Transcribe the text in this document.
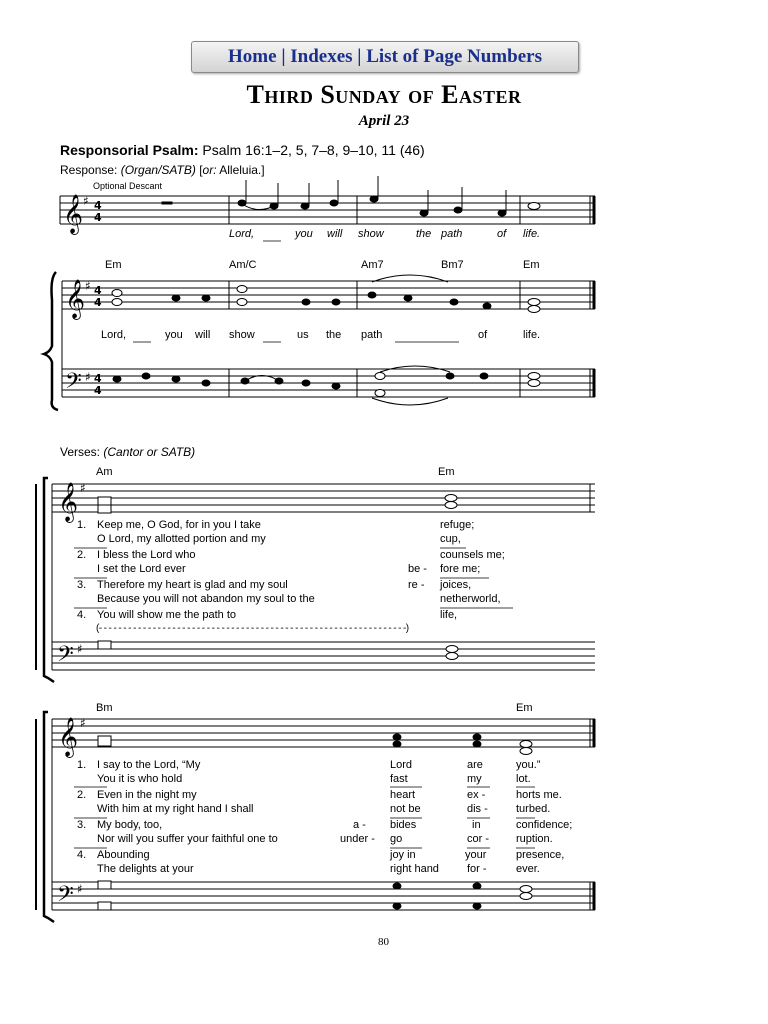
Home | Indexes | List of Page Numbers
Third Sunday of Easter
April 23
Responsorial Psalm: Psalm 16:1–2, 5, 7–8, 9–10, 11 (46)
Response: (Organ/SATB) [or: Alleluia.]
𝄞 ♯ 4
4
𝄞 ♯ 4
4
𝄢 ♯ 4
4
𝄞 ♯
𝄢 ♯
𝄞 ♯
𝄢 ♯
Optional Descant
Lord,	you will show	the path	of life.
Em	Am/C	Am7	Bm7	Em
Lord,	you will show	us the path	of	life.
Verses: (Cantor or SATB)
Am	Em
1. Keep me, O God, for in you I take	refuge;
O Lord, my allotted portion and my	cup,
2. I bless the Lord who	counsels me;
I set the Lord ever	be - fore me;
3. Therefore my heart is glad and my soul	re - joices,
Because you will not abandon my soul to the	netherworld,
4. You will show me the path to	life,
(- - - - - - - - - - - - - - - - - - - - - - - - - - - - - - - - - - - - - - - - - - - - - - - - - - - - - - - - - - - - - - -)
Bm	Em
1. I say to the Lord, “My	Lord	are	you.”
You it is who hold	fast	my	lot.
2. Even in the night my	heart	ex -	horts me.
With him at my right hand I shall	not be	dis -	turbed.
3. My body, too,	a - bides	in	confidence;
Nor will you suffer your faithful one to	under - go	cor - ruption.
4. Abounding	joy in	your	presence,
The delights at your	right hand	for -	ever.
80
